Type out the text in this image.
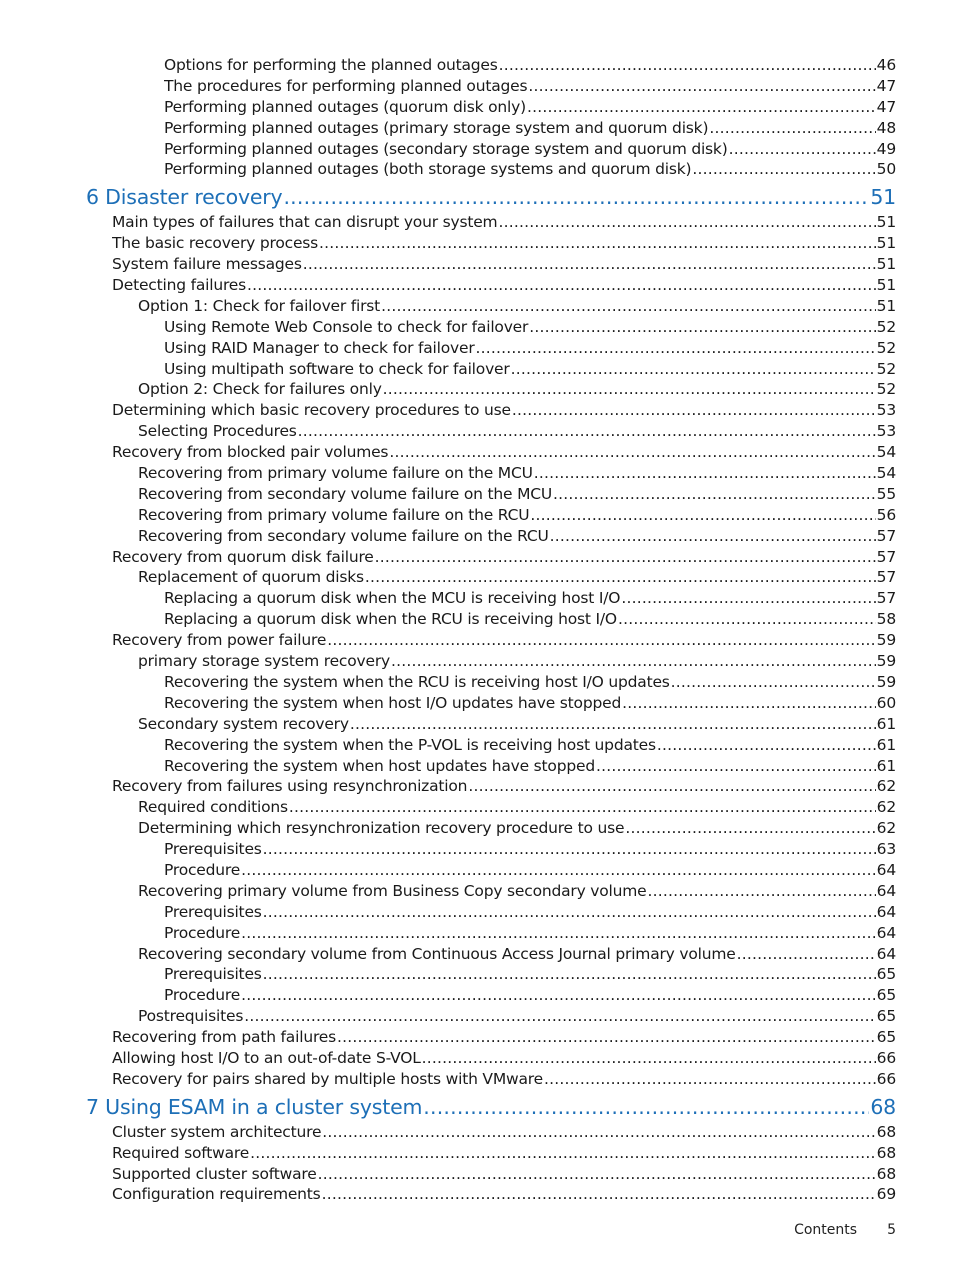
Options for performing the planned outages .....	46
The procedures for performing planned outages .....	47
Performing planned outages (quorum disk only) .....	47
Performing planned outages (primary storage system and quorum disk) .....	48
Performing planned outages (secondary storage system and quorum disk) .....	49
Performing planned outages (both storage systems and quorum disk) .....	50
6 Disaster recovery .....	51
Main types of failures that can disrupt your system .....	51
The basic recovery process .....	51
System failure messages .....	51
Detecting failures .....	51
Option 1: Check for failover first .....	51
Using Remote Web Console to check for failover .....	52
Using RAID Manager to check for failover .....	52
Using multipath software to check for failover .....	52
Option 2: Check for failures only .....	52
Determining which basic recovery procedures to use .....	53
Selecting Procedures .....	53
Recovery from blocked pair volumes .....	54
Recovering from primary volume failure on the MCU .....	54
Recovering from secondary volume failure on the MCU .....	55
Recovering from primary volume failure on the RCU .....	56
Recovering from secondary volume failure on the RCU .....	57
Recovery from quorum disk failure .....	57
Replacement of quorum disks .....	57
Replacing a quorum disk when the MCU is receiving host I/O .....	57
Replacing a quorum disk when the RCU is receiving host I/O .....	58
Recovery from power failure .....	59
primary storage system recovery .....	59
Recovering the system when the RCU is receiving host I/O updates .....	59
Recovering the system when host I/O updates have stopped .....	60
Secondary system recovery .....	61
Recovering the system when the P-VOL is receiving host updates .....	61
Recovering the system when host updates have stopped .....	61
Recovery from failures using resynchronization .....	62
Required conditions .....	62
Determining which resynchronization recovery procedure to use .....	62
Prerequisites .....	63
Procedure .....	64
Recovering primary volume from Business Copy secondary volume .....	64
Prerequisites .....	64
Procedure .....	64
Recovering secondary volume from Continuous Access Journal primary volume .....	64
Prerequisites .....	65
Procedure .....	65
Postrequisites .....	65
Recovering from path failures .....	65
Allowing host I/O to an out-of-date S-VOL .....	66
Recovery for pairs shared by multiple hosts with VMware .....	66
7 Using ESAM in a cluster system .....	68
Cluster system architecture .....	68
Required software .....	68
Supported cluster software .....	68
Configuration requirements .....	69
Contents 5
